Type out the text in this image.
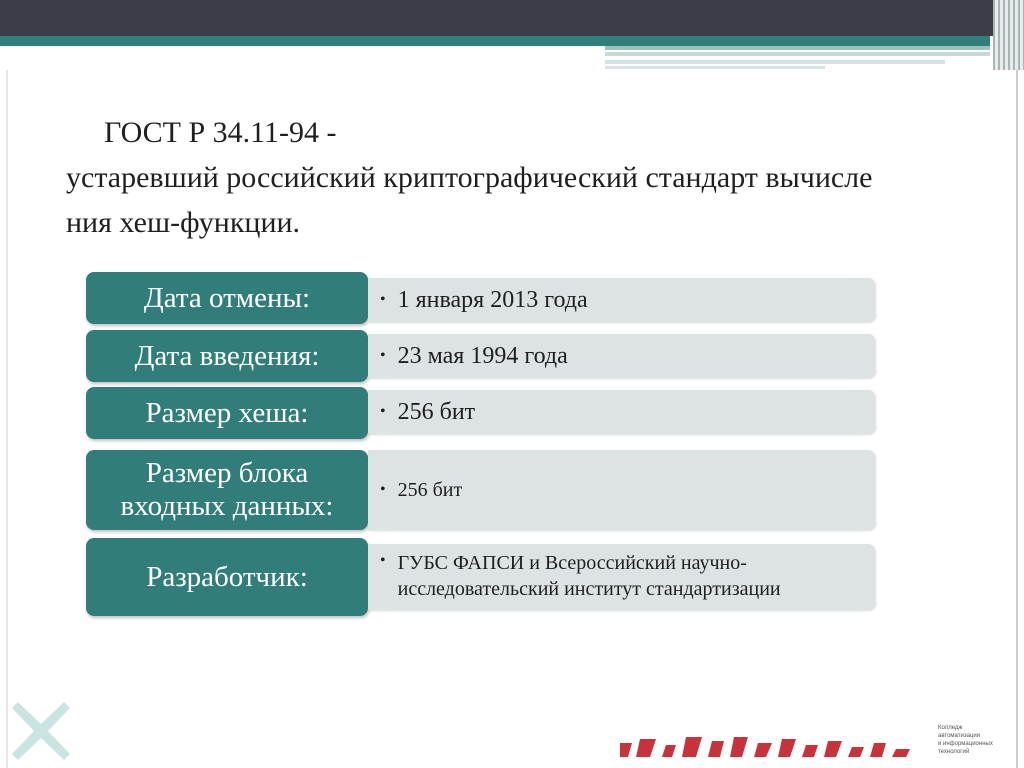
ГОСТ Р 34.11-94 -
устаревший российский криптографический стандарт вычисле
ния хеш-функции.
Дата отмены:	• 1 января 2013 года
Дата введения:	• 23 мая 1994 года
Размер хеша:	• 256 бит
Размер блока
входных данных:
• 256 бит
Разработчик:	• ГУБС ФАПСИ и Всероссийский научно-
исследовательский институт стандартизации
Колледж
автоматизации
и информационных
технологий
